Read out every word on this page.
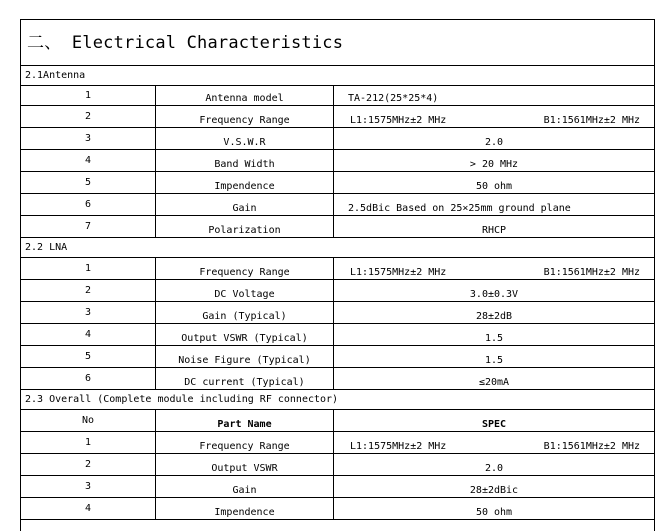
二、 Electrical Characteristics
2.1Antenna
1	Antenna model	TA-212(25*25*4)
2	Frequency Range	L1:1575MHz±2 MHz	B1:1561MHz±2 MHz
3	V.S.W.R	2.0
4	Band Width	> 20 MHz
5	Impendence	50 ohm
6	Gain	2.5dBic Based on 25×25mm ground plane
7	Polarization	RHCP
2.2 LNA
1	Frequency Range	L1:1575MHz±2 MHz	B1:1561MHz±2 MHz
2	DC Voltage	3.0±0.3V
3	Gain (Typical)	28±2dB
4	Output VSWR (Typical)	1.5
5	Noise Figure (Typical)	1.5
6	DC current (Typical)	≤20mA
2.3 Overall (Complete module including RF connector)
No	Part Name	SPEC
1	Frequency Range	L1:1575MHz±2 MHz	B1:1561MHz±2 MHz
2	Output VSWR	2.0
3	Gain	28±2dBic
4	Impendence	50 ohm
